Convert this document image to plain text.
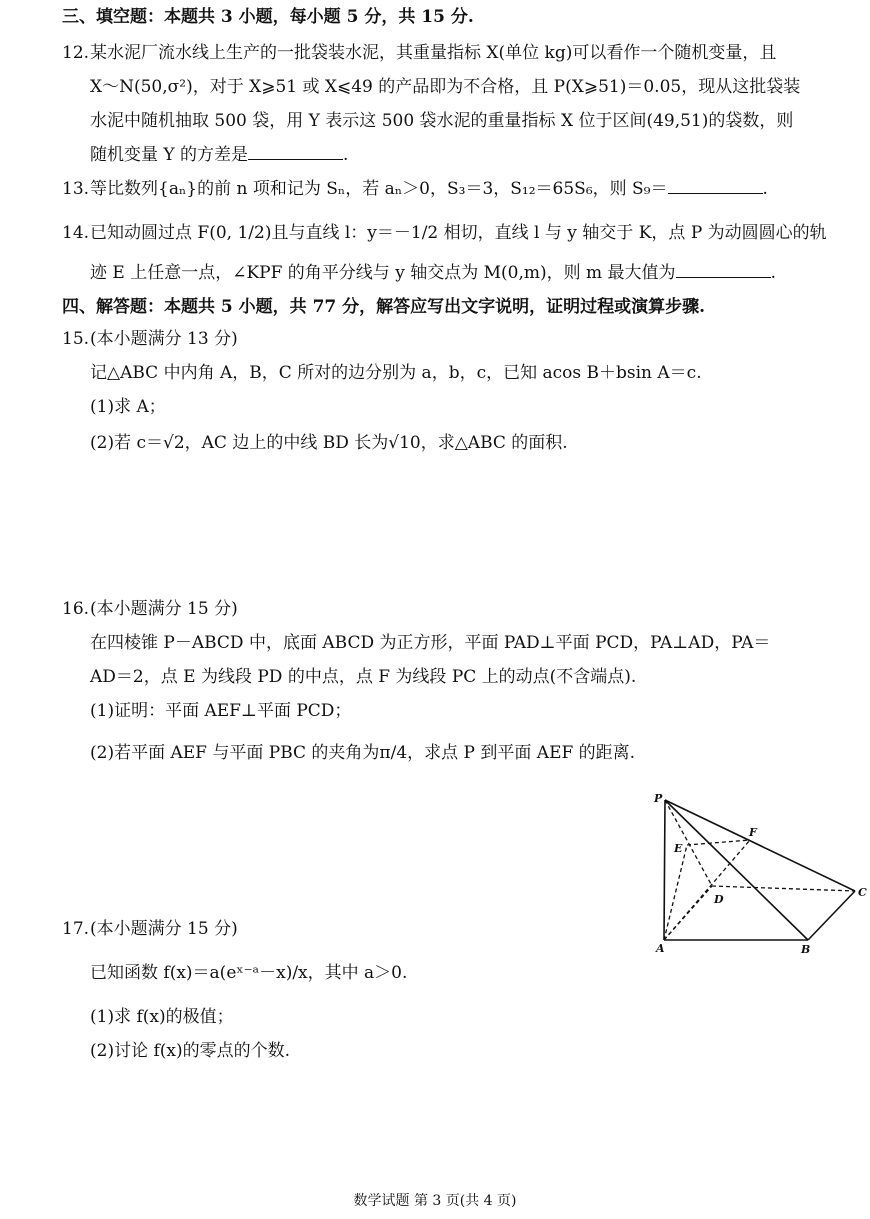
三、填空题：本题共 3 小题，每小题 5 分，共 15 分.
12. 某水泥厂流水线上生产的一批袋装水泥，其重量指标 X(单位 kg)可以看作一个随机变量，且
X～N(50,σ²)，对于 X⩾51 或 X⩽49 的产品即为不合格，且 P(X⩾51)＝0.05，现从这批袋装
水泥中随机抽取 500 袋，用 Y 表示这 500 袋水泥的重量指标 X 位于区间(49,51)的袋数，则
随机变量 Y 的方差是	.
13. 等比数列{aₙ}的前 n 项和记为 Sₙ，若 aₙ＞0，S₃＝3，S₁₂＝65S₆，则 S₉＝	.
14. 已知动圆过点 F(0, 1/2)且与直线 l：y＝－1/2 相切，直线 l 与 y 轴交于 K，点 P 为动圆圆心的轨
迹 E 上任意一点，∠KPF 的角平分线与 y 轴交点为 M(0,m)，则 m 最大值为	.
四、解答题：本题共 5 小题，共 77 分，解答应写出文字说明，证明过程或演算步骤.
15. (本小题满分 13 分)
记△ABC 中内角 A，B，C 所对的边分别为 a，b，c，已知 acos B＋bsin A＝c.
(1)求 A；
(2)若 c＝√2，AC 边上的中线 BD 长为√10，求△ABC 的面积.
16. (本小题满分 15 分)
在四棱锥 P－ABCD 中，底面 ABCD 为正方形，平面 PAD⊥平面 PCD，PA⊥AD，PA＝
AD＝2，点 E 为线段 PD 的中点，点 F 为线段 PC 上的动点(不含端点).
(1)证明：平面 AEF⊥平面 PCD；
(2)若平面 AEF 与平面 PBC 的夹角为π/4，求点 P 到平面 AEF 的距离.
P
E
F
D
C
A	B
17. (本小题满分 15 分)
已知函数 f(x)＝a(eˣ⁻ᵃ－x)/x，其中 a＞0.
(1)求 f(x)的极值；
(2)讨论 f(x)的零点的个数.
数学试题 第 3 页(共 4 页)
